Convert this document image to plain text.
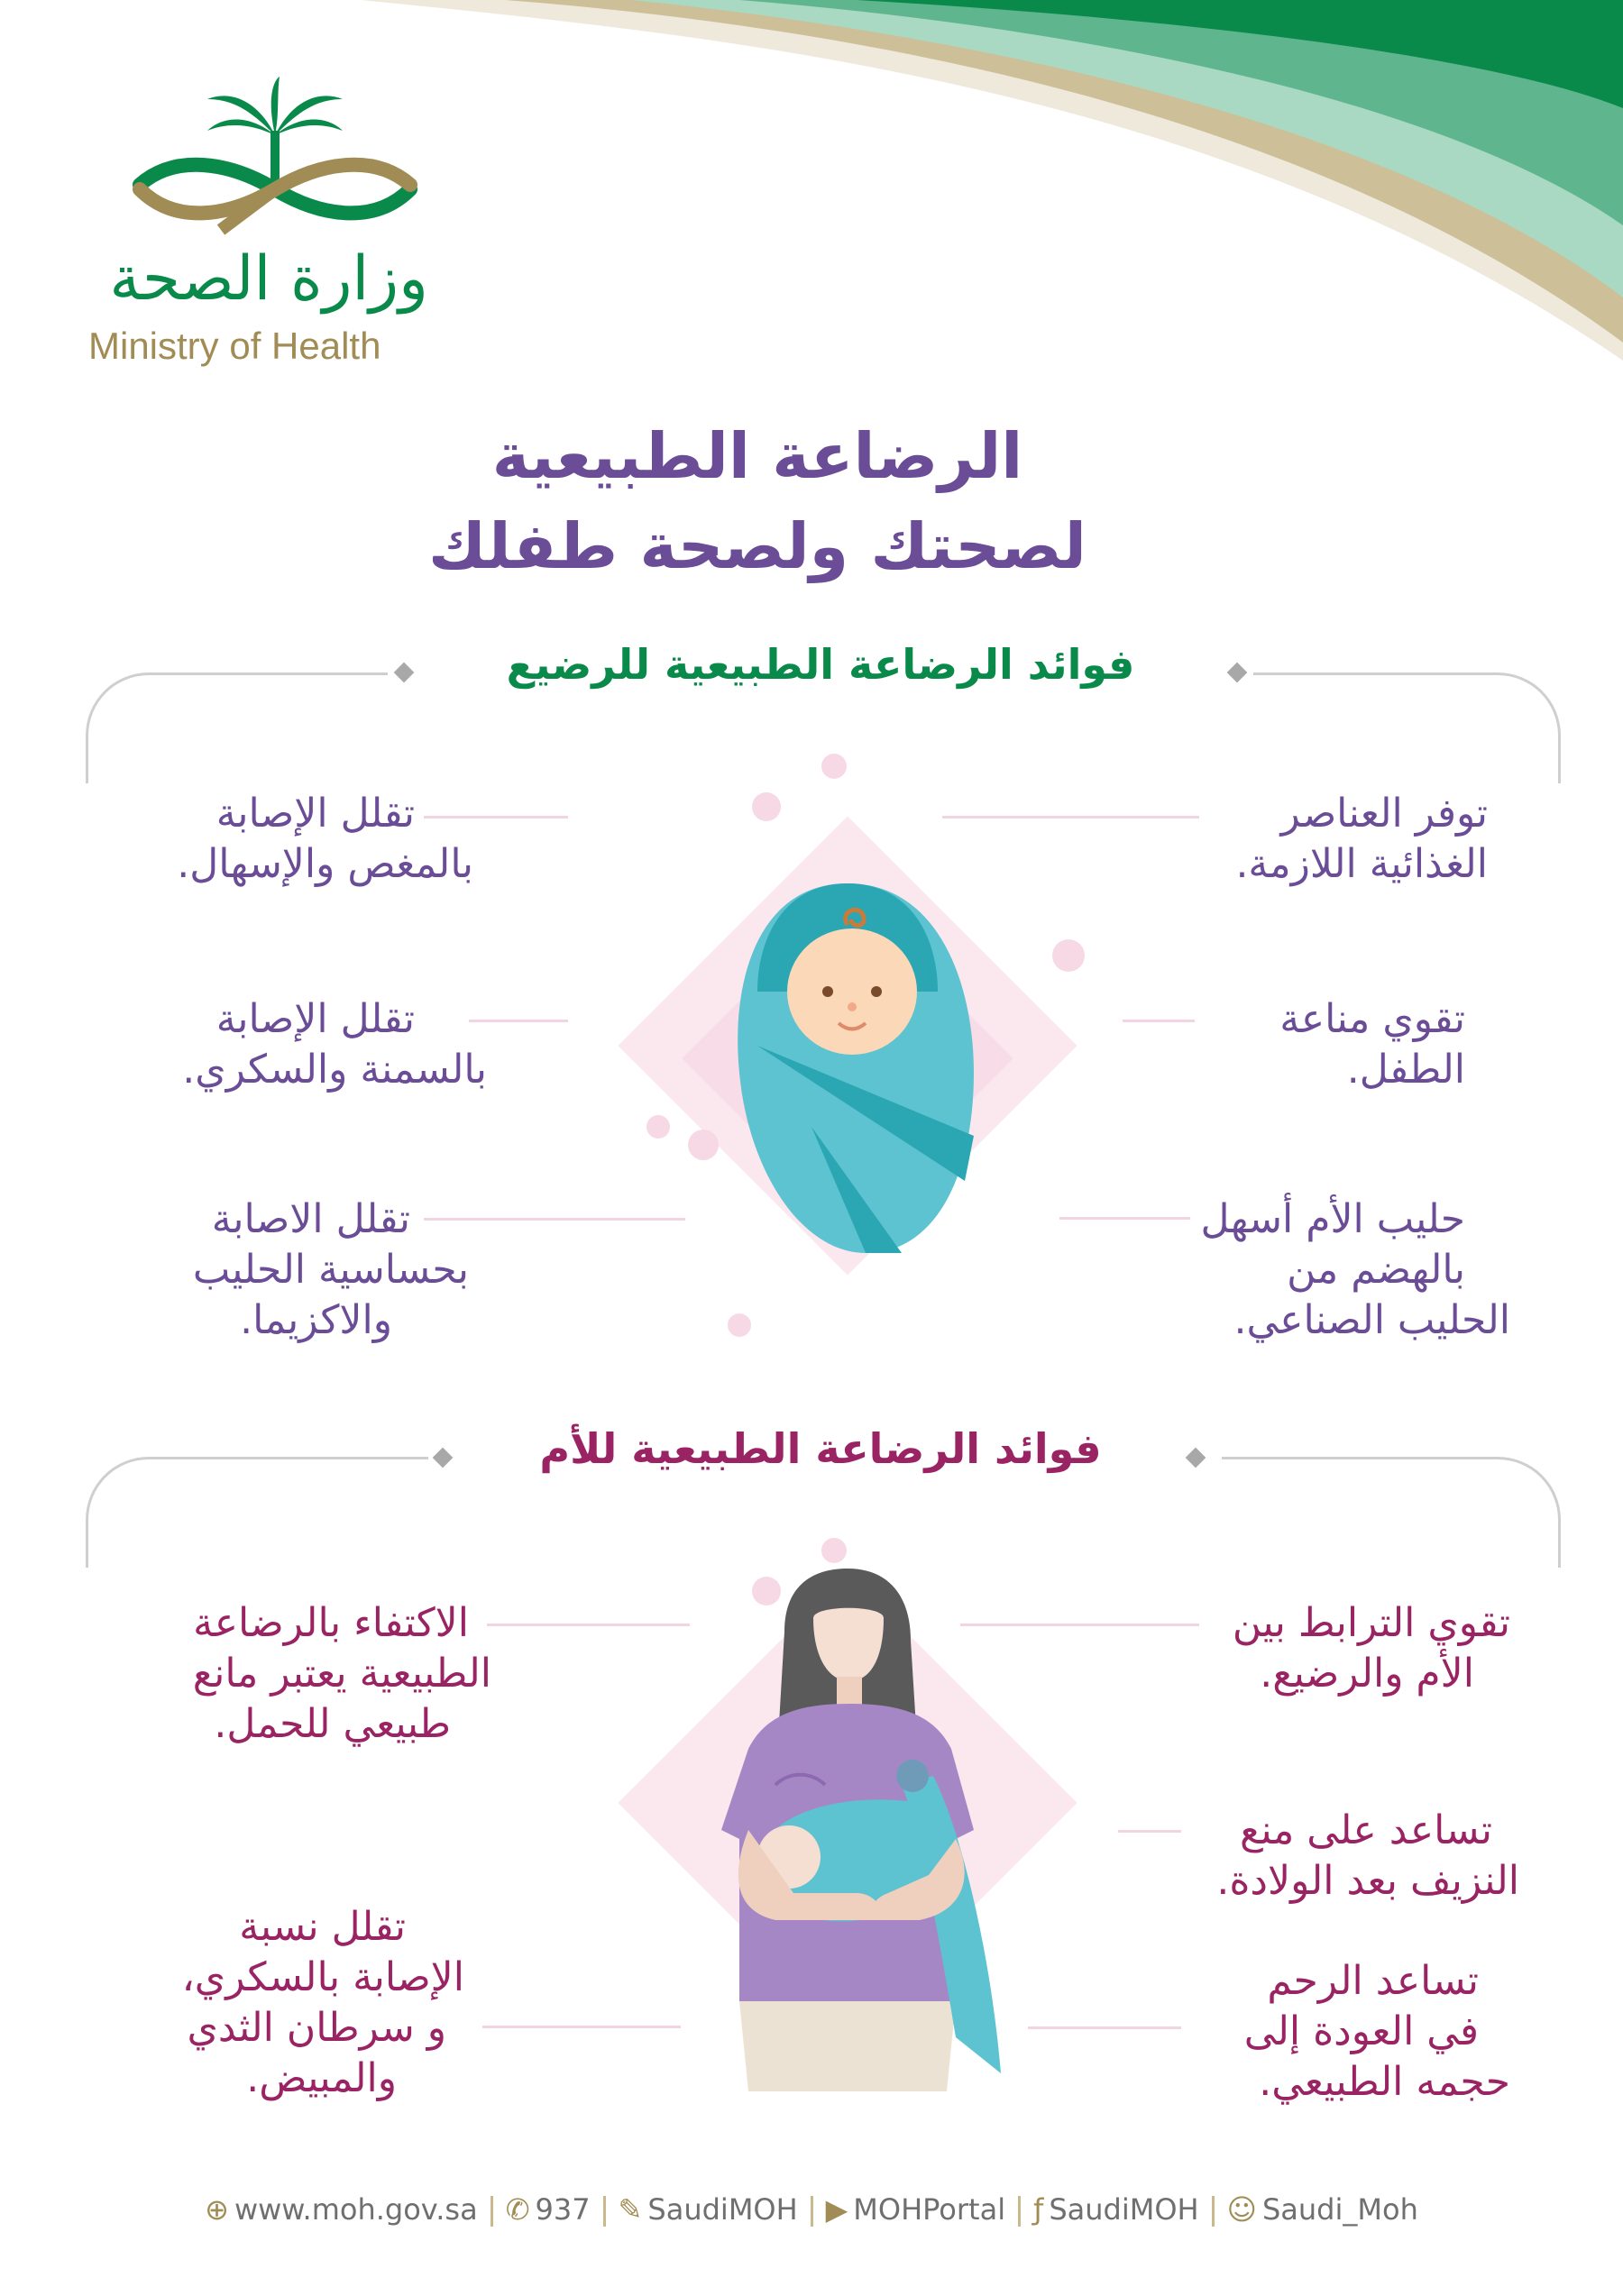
وزارة الصحة
Ministry of Health
الرضاعة الطبيعية
لصحتك ولصحة طفلك
فوائد الرضاعة الطبيعية للرضيع
توفر العناصر
الغذائية اللازمة.
تقوي مناعة
الطفل.
حليب الأم أسهل
بالهضم من
الحليب الصناعي.
تقلل الإصابة
بالمغص والإسهال.
تقلل الإصابة
بالسمنة والسكري.
تقلل الاصابة
بحساسية الحليب
والاكزيما.
فوائد الرضاعة الطبيعية للأم
تقوي الترابط بين
الأم والرضيع.
تساعد على منع
النزيف بعد الولادة.
تساعد الرحم
في العودة إلى
حجمه الطبيعي.
الاكتفاء بالرضاعة
الطبيعية يعتبر مانع
طبيعي للحمل.
تقلل نسبة
الإصابة بالسكري،
و سرطان الثدي
والمبيض.
⊕ www.moh.gov.sa ✆ 937 ✎ SaudiMOH ▶ MOHPortal ƒ SaudiMOH ☺ Saudi_Moh
